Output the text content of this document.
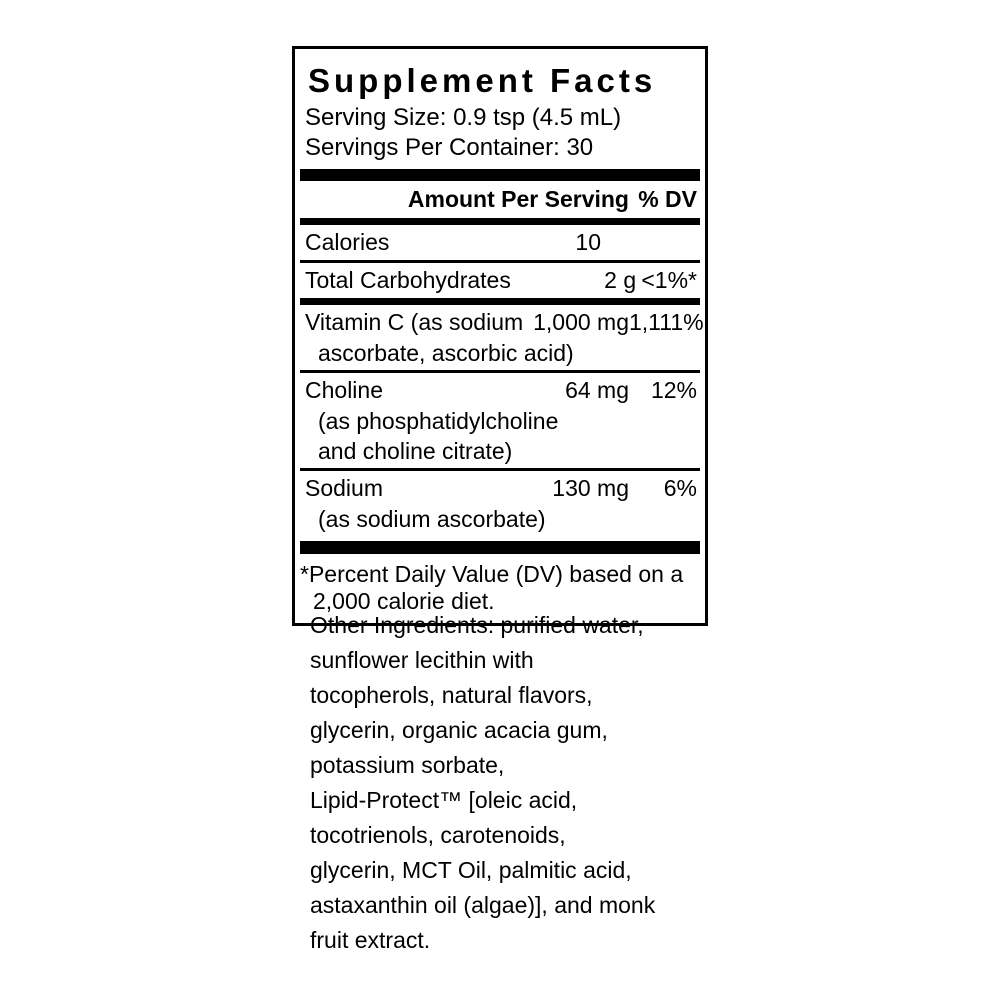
Supplement Facts
Serving Size: 0.9 tsp (4.5 mL)
Servings Per Container: 30
Amount Per Serving % DV
Calories	10
Total Carbohydrates	2 g <1%*
Vitamin C (as sodium 1,000 mg 1,111%
ascorbate, ascorbic acid)
Choline	64 mg 12%
(as phosphatidylcholine
and choline citrate)
Sodium	130 mg	6%
(as sodium ascorbate)
*Percent Daily Value (DV) based on a
2,000 calorie diet.
Other Ingredients: purified water,
sunflower lecithin with
tocopherols, natural flavors,
glycerin, organic acacia gum,
potassium sorbate,
Lipid-Protect™ [oleic acid,
tocotrienols, carotenoids,
glycerin, MCT Oil, palmitic acid,
astaxanthin oil (algae)], and monk
fruit extract.
